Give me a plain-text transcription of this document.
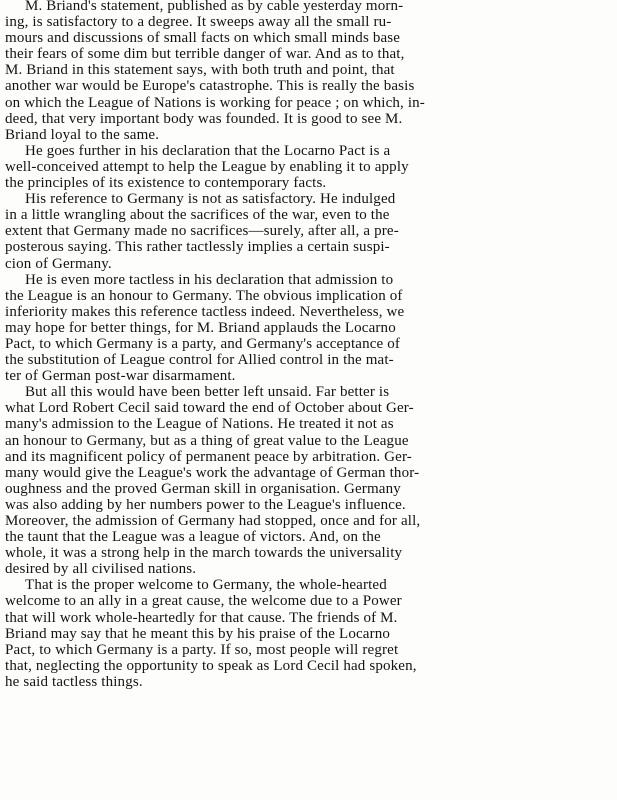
M. Briand's statement, published as by cable yesterday morn-
ing, is satisfactory to a degree. It sweeps away all the small ru-
mours and discussions of small facts on which small minds base
their fears of some dim but terrible danger of war. And as to that,
M. Briand in this statement says, with both truth and point, that
another war would be Europe's catastrophe. This is really the basis
on which the League of Nations is working for peace ; on which, in-
deed, that very important body was founded. It is good to see M.
Briand loyal to the same.
He goes further in his declaration that the Locarno Pact is a
well-conceived attempt to help the League by enabling it to apply
the principles of its existence to contemporary facts.
His reference to Germany is not as satisfactory. He indulged
in a little wrangling about the sacrifices of the war, even to the
extent that Germany made no sacrifices—surely, after all, a pre-
posterous saying. This rather tactlessly implies a certain suspi-
cion of Germany.
He is even more tactless in his declaration that admission to
the League is an honour to Germany. The obvious implication of
inferiority makes this reference tactless indeed. Nevertheless, we
may hope for better things, for M. Briand applauds the Locarno
Pact, to which Germany is a party, and Germany's acceptance of
the substitution of League control for Allied control in the mat-
ter of German post-war disarmament.
But all this would have been better left unsaid. Far better is
what Lord Robert Cecil said toward the end of October about Ger-
many's admission to the League of Nations. He treated it not as
an honour to Germany, but as a thing of great value to the League
and its magnificent policy of permanent peace by arbitration. Ger-
many would give the League's work the advantage of German thor-
oughness and the proved German skill in organisation. Germany
was also adding by her numbers power to the League's influence.
Moreover, the admission of Germany had stopped, once and for all,
the taunt that the League was a league of victors. And, on the
whole, it was a strong help in the march towards the universality
desired by all civilised nations.
That is the proper welcome to Germany, the whole-hearted
welcome to an ally in a great cause, the welcome due to a Power
that will work whole-heartedly for that cause. The friends of M.
Briand may say that he meant this by his praise of the Locarno
Pact, to which Germany is a party. If so, most people will regret
that, neglecting the opportunity to speak as Lord Cecil had spoken,
he said tactless things.
